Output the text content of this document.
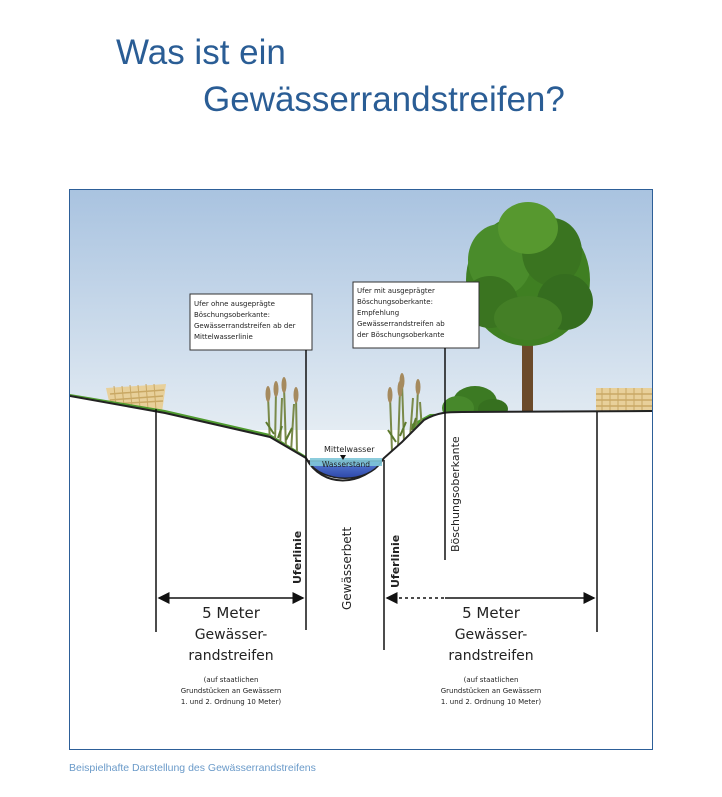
Was ist ein
Gewässerrandstreifen?
Mittelwasser
Wasserstand
Ufer ohne ausgeprägte
Böschungsoberkante:
Gewässerrandstreifen ab der
Mittelwasserlinie
Ufer mit ausgeprägter
Böschungsoberkante:
Empfehlung
Gewässerrandstreifen ab
der Böschungsoberkante
Uferlinie	Gewässerbett	Uferlinie
Böschungsoberkante
5 Meter
Gewässer-
randstreifen
(auf staatlichen
Grundstücken an Gewässern
1. und 2. Ordnung 10 Meter)
5 Meter
Gewässer-
randstreifen
(auf staatlichen
Grundstücken an Gewässern
1. und 2. Ordnung 10 Meter)
Beispielhafte Darstellung des Gewässerrandstreifens
